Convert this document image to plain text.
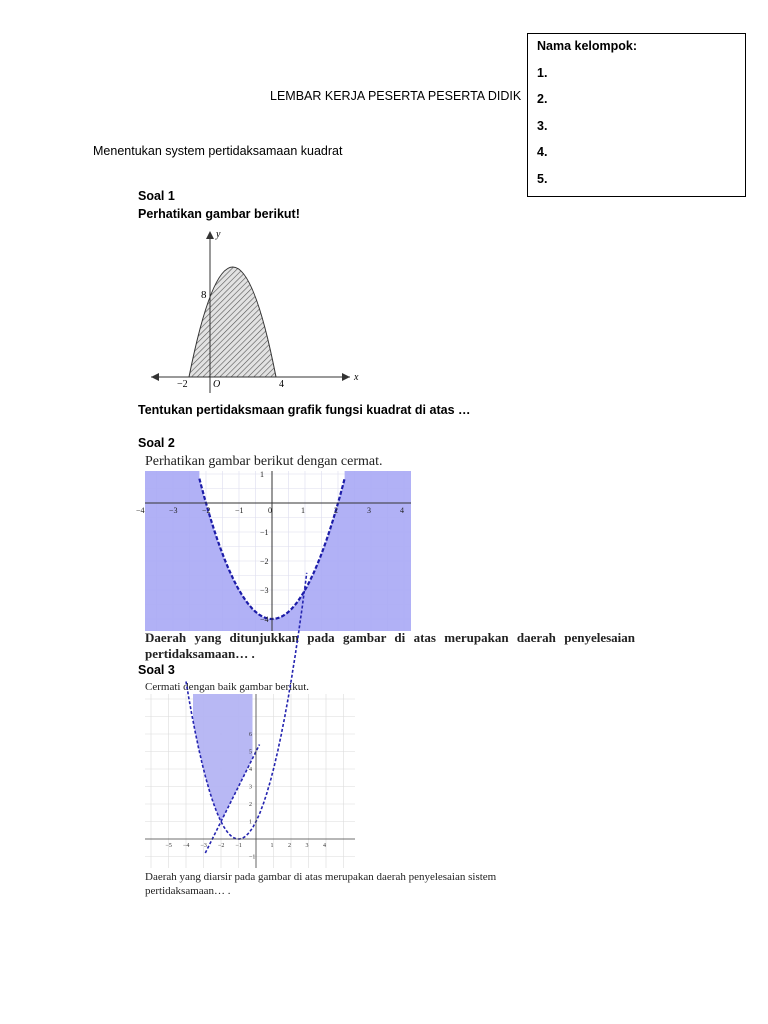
LEMBAR KERJA PESERTA PESERTA DIDIK
Menentukan system pertidaksamaan kuadrat
Nama kelompok:
1.
2.
3.
4.
5.
Soal 1
Perhatikan gambar berikut!
y
x
8
O
−2	4
Tentukan pertidaksmaan grafik fungsi kuadrat di atas …
Soal 2
Perhatikan gambar berikut dengan cermat.
−4	−3	−2	−1	0	1	2	3	4
1
−1
−2
−3
−4
Daerah yang ditunjukkan pada gambar di atas merupakan daerah penyelesaian
pertidaksamaan… .
Soal 3
Cermati dengan baik gambar berikut.
−5 −4 −3 −2 −1	1 2 3 4
6
5
4
3
2
1
−1
Daerah yang diarsir pada gambar di atas merupakan daerah penyelesaian sistem
pertidaksamaan… .
